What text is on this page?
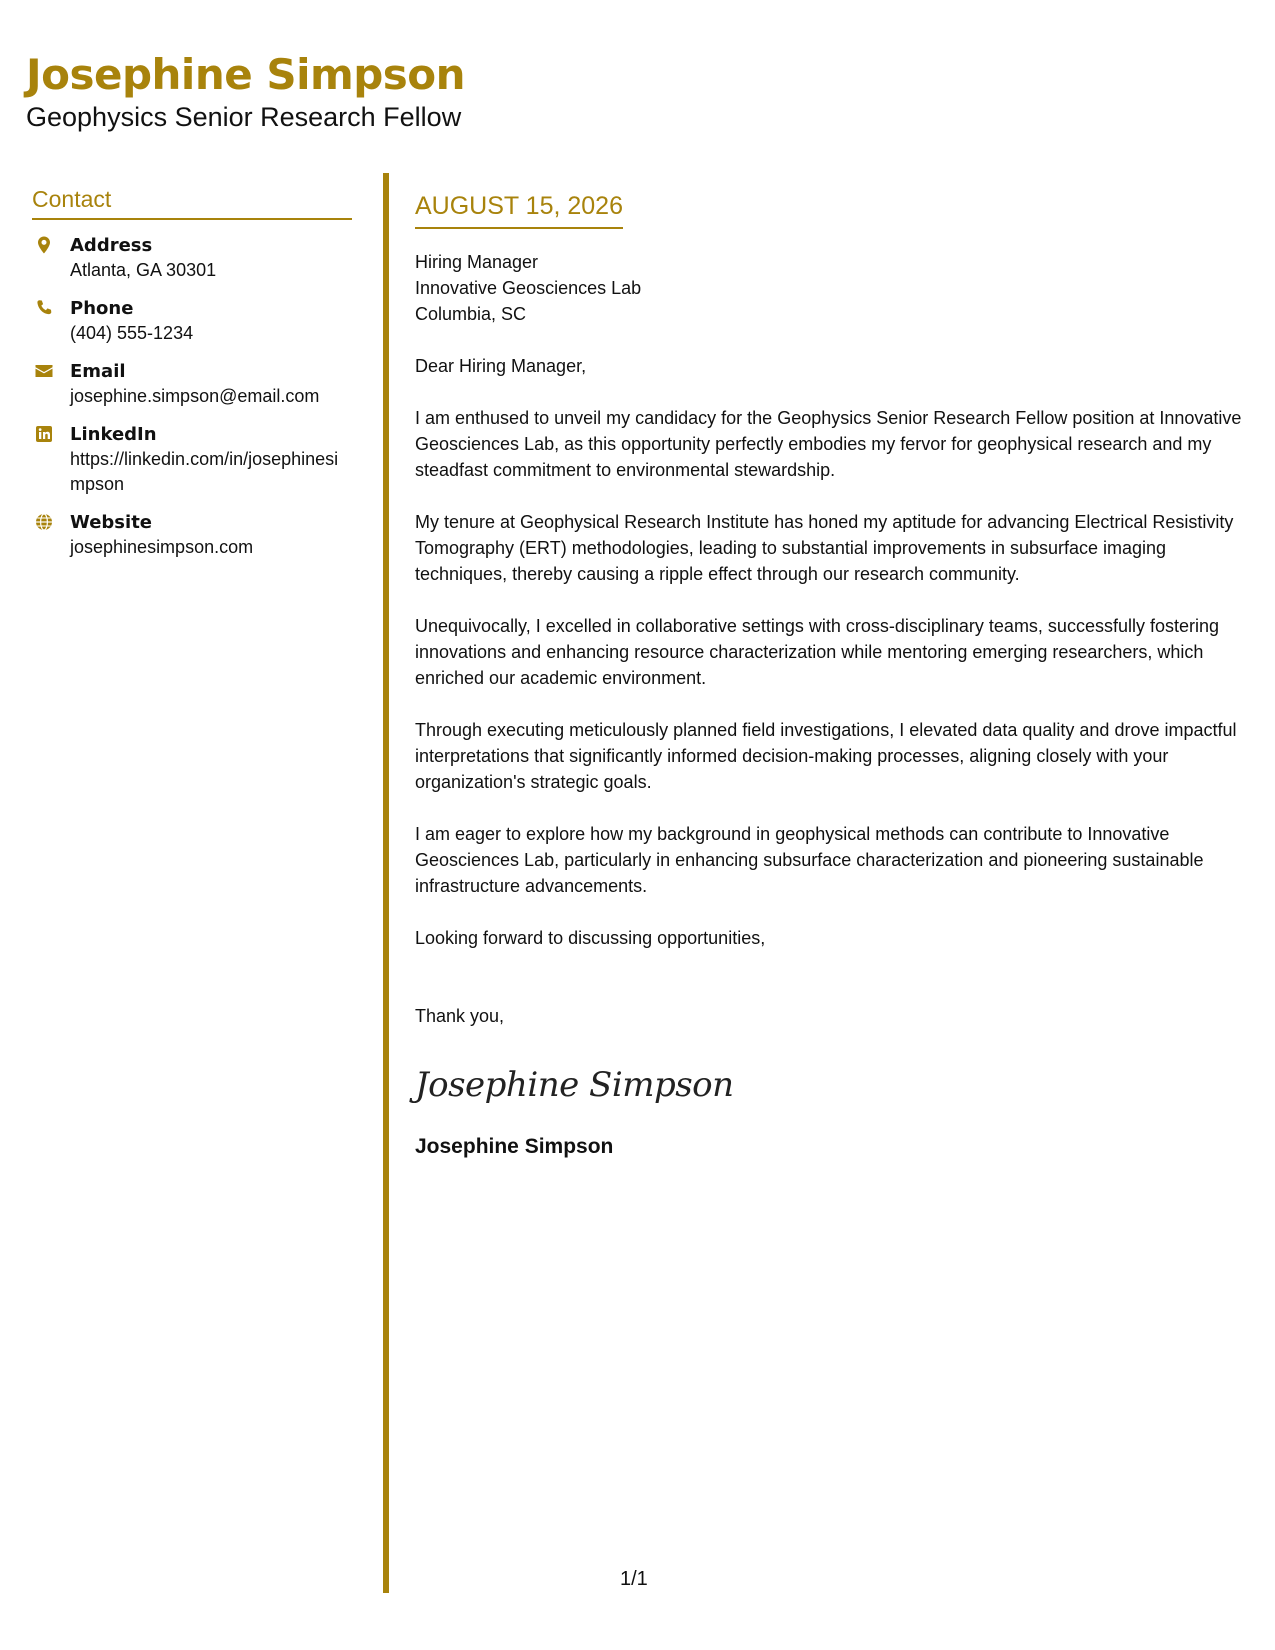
Josephine Simpson
Geophysics Senior Research Fellow
Contact
Address
Atlanta, GA 30301
Phone
(404) 555-1234
Email
josephine.simpson@email.com
LinkedIn
https://linkedin.com/in/josephinesimpson
Website
josephinesimpson.com
AUGUST 15, 2026
Hiring Manager
Innovative Geosciences Lab
Columbia, SC
Dear Hiring Manager,
I am enthused to unveil my candidacy for the Geophysics Senior Research Fellow position at Innovative Geosciences Lab, as this opportunity perfectly embodies my fervor for geophysical research and my steadfast commitment to environmental stewardship.
My tenure at Geophysical Research Institute has honed my aptitude for advancing Electrical Resistivity Tomography (ERT) methodologies, leading to substantial improvements in subsurface imaging techniques, thereby causing a ripple effect through our research community.
Unequivocally, I excelled in collaborative settings with cross-disciplinary teams, successfully fostering innovations and enhancing resource characterization while mentoring emerging researchers, which enriched our academic environment.
Through executing meticulously planned field investigations, I elevated data quality and drove impactful interpretations that significantly informed decision-making processes, aligning closely with your organization's strategic goals.
I am eager to explore how my background in geophysical methods can contribute to Innovative Geosciences Lab, particularly in enhancing subsurface characterization and pioneering sustainable infrastructure advancements.
Looking forward to discussing opportunities,
Thank you,
Josephine Simpson
Josephine Simpson
1/1
